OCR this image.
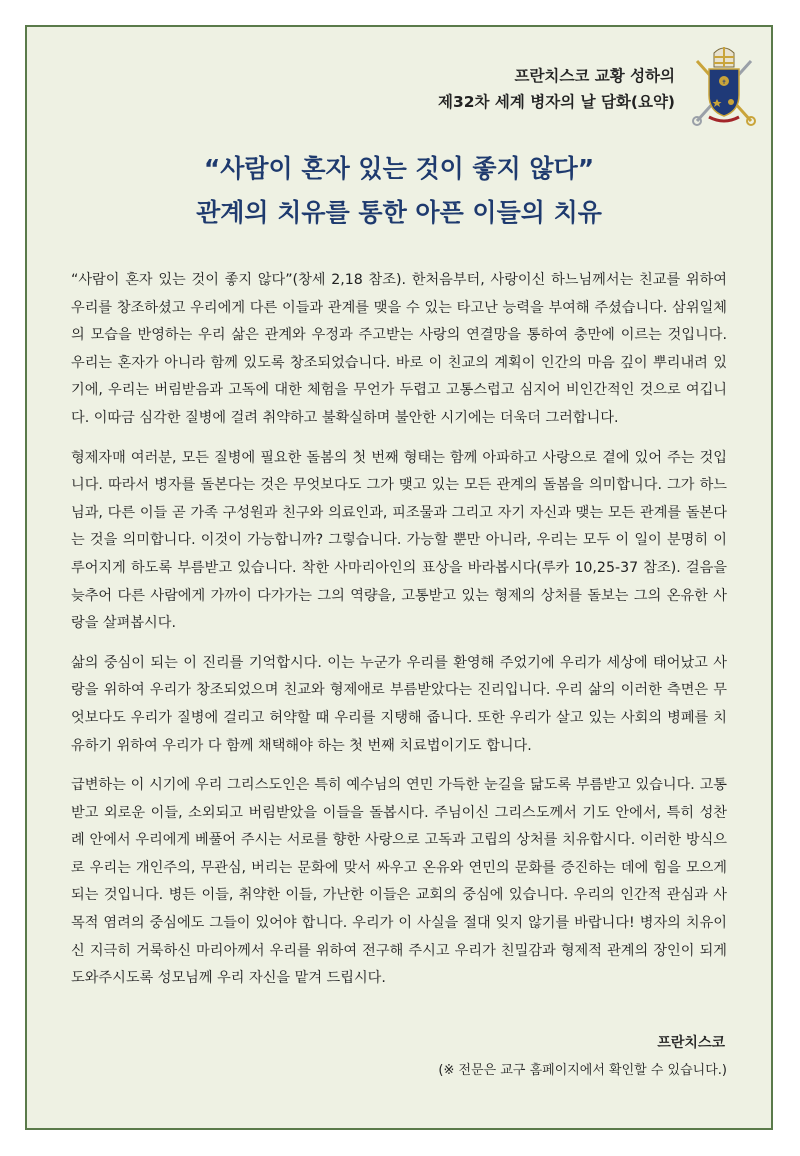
프란치스코 교황 성하의
제32차 세계 병자의 날 담화(요약)
✝
“사람이 혼자 있는 것이 좋지 않다”
관계의 치유를 통한 아픈 이들의 치유

“사람이 혼자 있는 것이 좋지 않다”(창세 2,18 참조). 한처음부터, 사랑이신 하느님께서는 친교를 위하여 우리를 창조하셨고 우리에게 다른 이들과 관계를 맺을 수 있는 타고난 능력을 부여해 주셨습니다. 삼위일체의 모습을 반영하는 우리 삶은 관계와 우정과 주고받는 사랑의 연결망을 통하여 충만에 이르는 것입니다. 우리는 혼자가 아니라 함께 있도록 창조되었습니다. 바로 이 친교의 계획이 인간의 마음 깊이 뿌리내려 있기에, 우리는 버림받음과 고독에 대한 체험을 무언가 두렵고 고통스럽고 심지어 비인간적인 것으로 여깁니다. 이따금 심각한 질병에 걸려 취약하고 불확실하며 불안한 시기에는 더욱더 그러합니다.

형제자매 여러분, 모든 질병에 필요한 돌봄의 첫 번째 형태는 함께 아파하고 사랑으로 곁에 있어 주는 것입니다. 따라서 병자를 돌본다는 것은 무엇보다도 그가 맺고 있는 모든 관계의 돌봄을 의미합니다. 그가 하느님과, 다른 이들 곧 가족 구성원과 친구와 의료인과, 피조물과 그리고 자기 자신과 맺는 모든 관계를 돌본다는 것을 의미합니다. 이것이 가능합니까? 그렇습니다. 가능할 뿐만 아니라, 우리는 모두 이 일이 분명히 이루어지게 하도록 부름받고 있습니다. 착한 사마리아인의 표상을 바라봅시다(루카 10,25-37 참조). 걸음을 늦추어 다른 사람에게 가까이 다가가는 그의 역량을, 고통받고 있는 형제의 상처를 돌보는 그의 온유한 사랑을 살펴봅시다.

삶의 중심이 되는 이 진리를 기억합시다. 이는 누군가 우리를 환영해 주었기에 우리가 세상에 태어났고 사랑을 위하여 우리가 창조되었으며 친교와 형제애로 부름받았다는 진리입니다. 우리 삶의 이러한 측면은 무엇보다도 우리가 질병에 걸리고 허약할 때 우리를 지탱해 줍니다. 또한 우리가 살고 있는 사회의 병폐를 치유하기 위하여 우리가 다 함께 채택해야 하는 첫 번째 치료법이기도 합니다.

급변하는 이 시기에 우리 그리스도인은 특히 예수님의 연민 가득한 눈길을 닮도록 부름받고 있습니다. 고통받고 외로운 이들, 소외되고 버림받았을 이들을 돌봅시다. 주님이신 그리스도께서 기도 안에서, 특히 성찬례 안에서 우리에게 베풀어 주시는 서로를 향한 사랑으로 고독과 고립의 상처를 치유합시다. 이러한 방식으로 우리는 개인주의, 무관심, 버리는 문화에 맞서 싸우고 온유와 연민의 문화를 증진하는 데에 힘을 모으게 되는 것입니다. 병든 이들, 취약한 이들, 가난한 이들은 교회의 중심에 있습니다. 우리의 인간적 관심과 사목적 염려의 중심에도 그들이 있어야 합니다. 우리가 이 사실을 절대 잊지 않기를 바랍니다! 병자의 치유이신 지극히 거룩하신 마리아께서 우리를 위하여 전구해 주시고 우리가 친밀감과 형제적 관계의 장인이 되게 도와주시도록 성모님께 우리 자신을 맡겨 드립시다.

프란치스코
(※ 전문은 교구 홈페이지에서 확인할 수 있습니다.)
